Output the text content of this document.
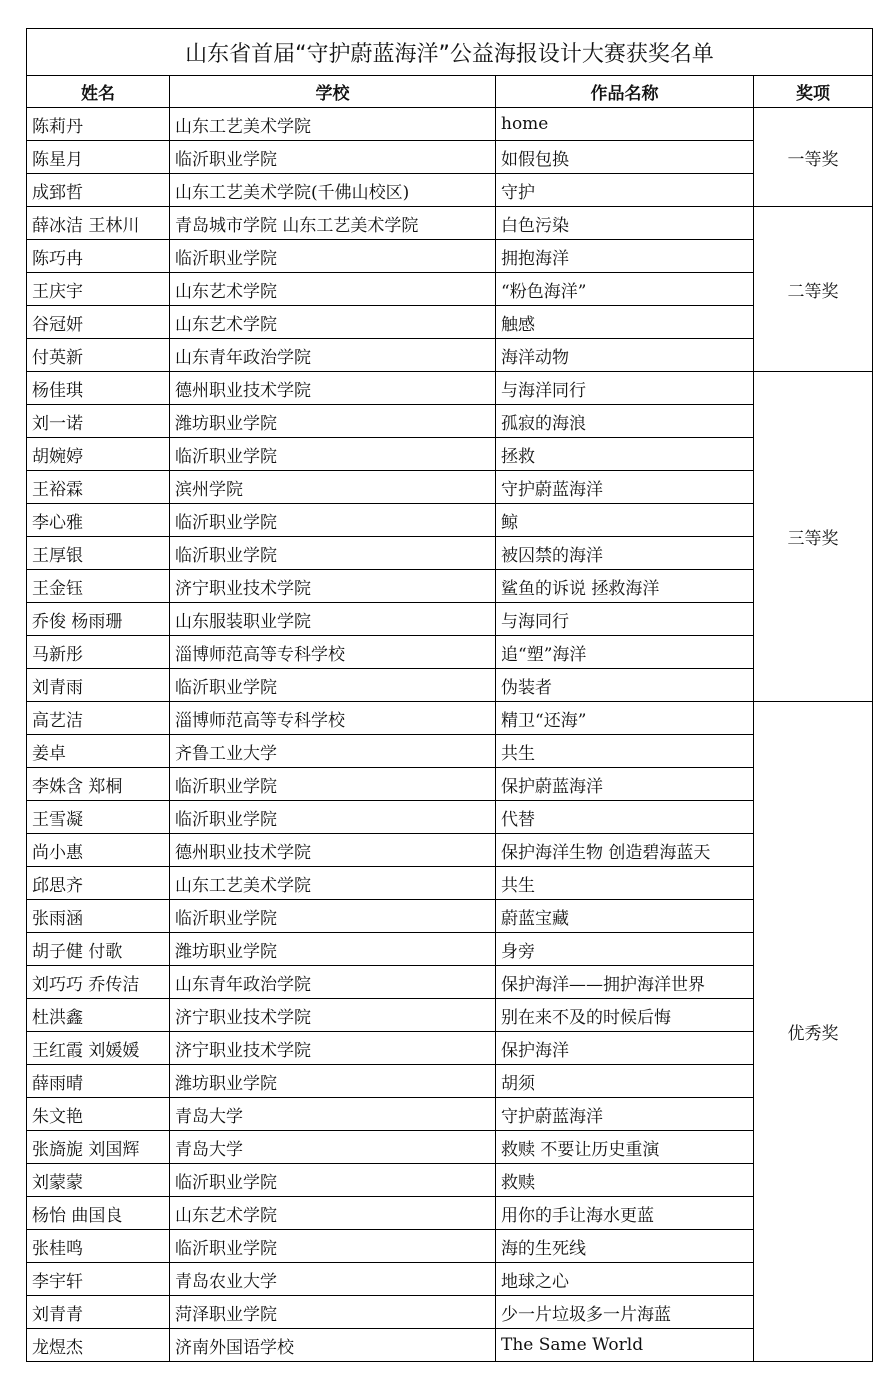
山东省首届“守护蔚蓝海洋”公益海报设计大赛获奖名单			
姓名	学校	作品名称	奖项
陈莉丹	山东工艺美术学院	home	一等奖
陈星月	临沂职业学院	如假包换	
成郅哲	山东工艺美术学院(千佛山校区)	守护	
薛冰洁 王林川	青岛城市学院 山东工艺美术学院	白色污染	二等奖
陈巧冉	临沂职业学院	拥抱海洋	
王庆宇	山东艺术学院	“粉色海洋”	
谷冠妍	山东艺术学院	触感	
付英新	山东青年政治学院	海洋动物	
杨佳琪	德州职业技术学院	与海洋同行	三等奖
刘一诺	潍坊职业学院	孤寂的海浪	
胡婉婷	临沂职业学院	拯救	
王裕霖	滨州学院	守护蔚蓝海洋	
李心雅	临沂职业学院	鲸	
王厚银	临沂职业学院	被囚禁的海洋	
王金钰	济宁职业技术学院	鲨鱼的诉说 拯救海洋	
乔俊 杨雨珊	山东服装职业学院	与海同行	
马新彤	淄博师范高等专科学校	追“塑”海洋	
刘青雨	临沂职业学院	伪装者	
高艺洁	淄博师范高等专科学校	精卫“还海”	优秀奖
姜卓	齐鲁工业大学	共生	
李姝含 郑桐	临沂职业学院	保护蔚蓝海洋	
王雪凝	临沂职业学院	代替	
尚小惠	德州职业技术学院	保护海洋生物 创造碧海蓝天	
邱思齐	山东工艺美术学院	共生	
张雨涵	临沂职业学院	蔚蓝宝藏	
胡子健 付歌	潍坊职业学院	身旁	
刘巧巧 乔传洁	山东青年政治学院	保护海洋——拥护海洋世界	
杜洪鑫	济宁职业技术学院	别在来不及的时候后悔	
王红霞 刘媛媛	济宁职业技术学院	保护海洋	
薛雨晴	潍坊职业学院	胡须	
朱文艳	青岛大学	守护蔚蓝海洋	
张旖旎 刘国辉	青岛大学	救赎 不要让历史重演	
刘蒙蒙	临沂职业学院	救赎	
杨怡 曲国良	山东艺术学院	用你的手让海水更蓝	
张桂鸣	临沂职业学院	海的生死线	
李宇轩	青岛农业大学	地球之心	
刘青青	菏泽职业学院	少一片垃圾多一片海蓝	
龙煜杰	济南外国语学校	The Same World	
